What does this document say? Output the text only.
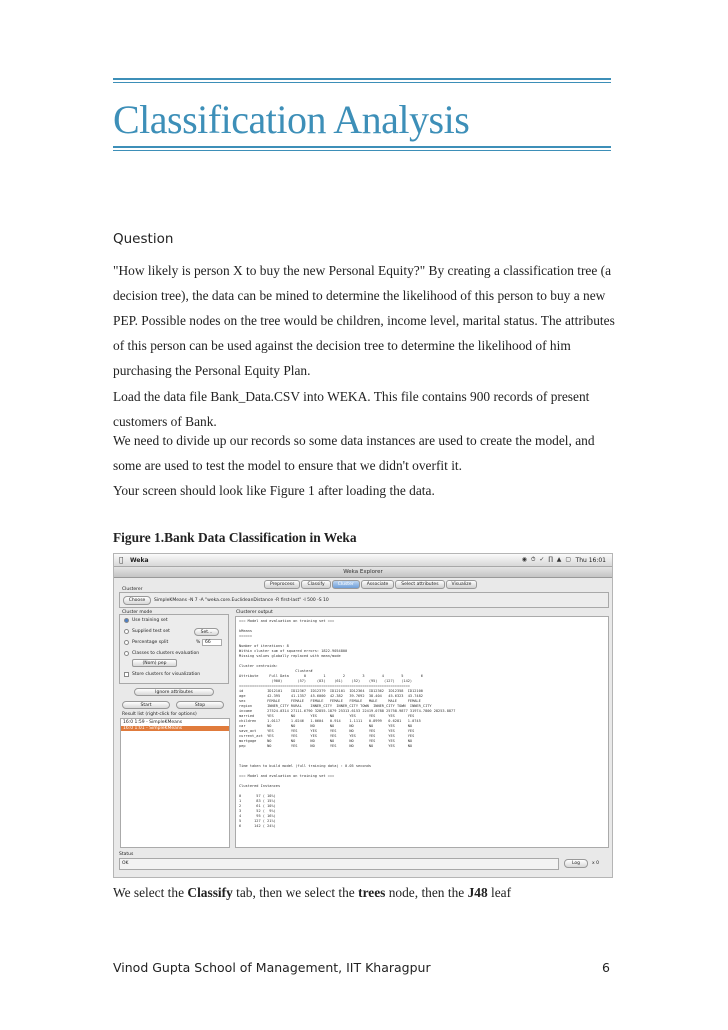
Classification Analysis
Question

"How likely is person X to buy the new Personal Equity?" By creating a classification tree (a decision tree), the data can be mined to determine the likelihood of this person to buy a new PEP. Possible nodes on the tree would be children, income level, marital status. The attributes of this person can be used against the decision tree to determine the likelihood of him purchasing the Personal Equity Plan.

Load the data file Bank_Data.CSV into WEKA. This file contains 900 records of present customers of Bank.

We need to divide up our records so some data instances are used to create the model, and some are used to test the model to ensure that we didn't overfit it.

Your screen should look like Figure 1 after loading the data.

Figure 1.Bank Data Classification in Weka
Weka	◉ ⏱ ✓ ∏ ▲ ▢ Thu 16:01
Weka Explorer
Preprocess	Classify	Cluster	Associate	Select attributes	Visualize
Clusterer
Choose	SimpleKMeans -N 7 -A "weka.core.EuclideanDistance -R first-last" -I 500 -S 10
Cluster mode
Use training set
Supplied test set	Set...
Percentage split	%	66
Classes to clusters evaluation
(Nom) pep
Store clusters for visualization
Ignore attributes
Start	Stop
Result list (right-click for options)
16:0 1:59 - SimpleKMeans
16:0 1:01 - SimpleKMeans
Clusterer output
=== Model and evaluation on training set ===

kMeans
======

Number of iterations: 8
Within cluster sum of squared errors: 1822.9054800
Missing values globally replaced with mean/mode

Cluster centroids:
Cluster#
Attribute     Full Data       0        1        2        3        4        5        6
(900)       (57)     (83)    (61)    (52)    (95)   (127)   (142)
===============================================================================
id           ID12101    ID12367  ID12379  ID12101  ID12364  ID12362  ID12358  ID12100
age          42.395     41.1357  45.6000  42.382   39.7692  38.404   45.6323  43.7482
sex          FEMALE     FEMALE   FEMALE   FEMALE   FEMALE   MALE     MALE     FEMALE
region       INNER_CITY RURAL    INNER_CITY  INNER_CITY TOWN  INNER_CITY TOWN  INNER_CITY
income       27524.0314 27111.6790 32855.1879 25313.6153 22419.0788 25758.9877 31974.7800 28253.8877
married      YES        NO       YES      NO       YES      YES      YES      YES
children     1.0117     1.0246   1.0604   0.914    1.1111   0.8999   0.6281   1.0745
car          NO         NO       NO       NO       NO       NO       YES      NO
save_act     YES        YES      YES      YES      NO       YES      YES      YES
current_act  YES        YES      YES      YES      YES      YES      YES      YES
mortgage     NO         NO       NO       NO       NO       YES      YES      NO
pep          NO         YES      NO       YES      NO       NO       YES      NO

Time taken to build model (full training data) : 0.05 seconds

=== Model and evaluation on training set ===

Clustered Instances

0       57 ( 10%)
1       83 ( 15%)
2       61 ( 10%)
3       52 (  9%)
4       95 ( 16%)
5      127 ( 21%)
6      142 ( 24%)
Status
OK	Log	x 0

We select the Classify tab, then we select the trees node, then the J48 leaf

Vinod Gupta School of Management, IIT Kharagpur	6
